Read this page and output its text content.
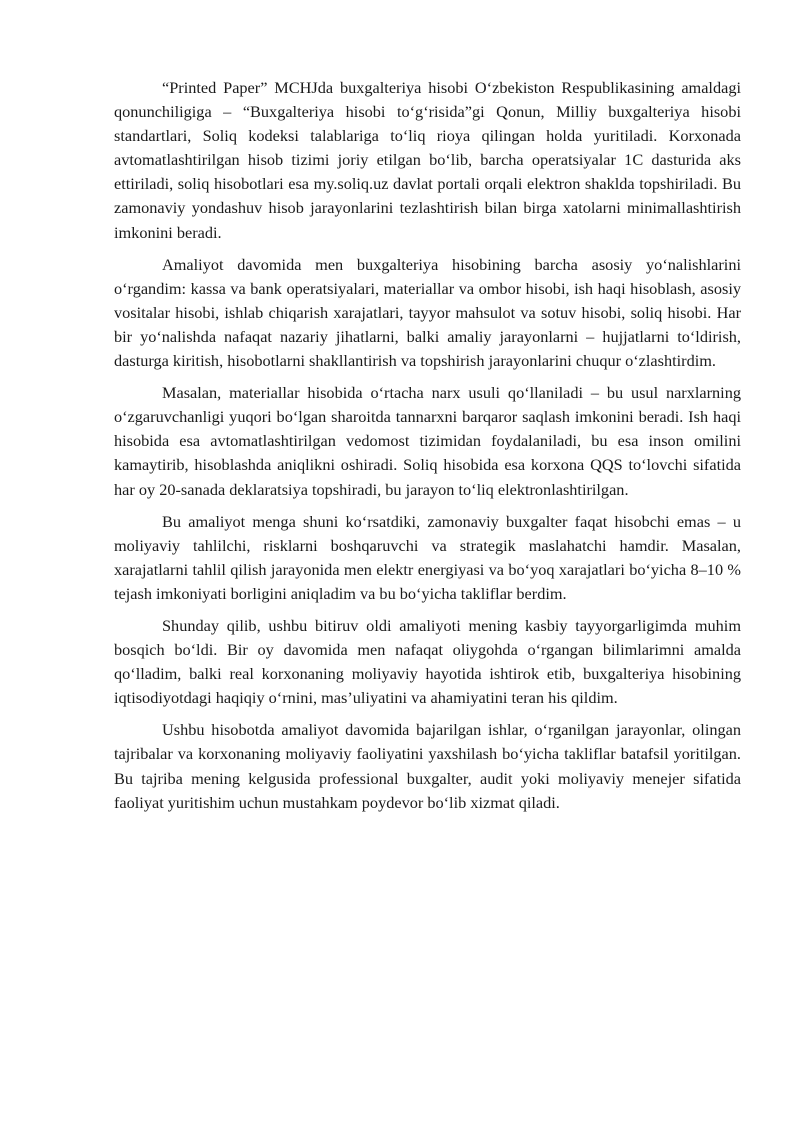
“Printed Paper” MCHJda buxgalteriya hisobi O‘zbekiston Respublikasining amaldagi qonunchiligiga – “Buxgalteriya hisobi to‘g‘risida”gi Qonun, Milliy buxgalteriya hisobi standartlari, Soliq kodeksi talablariga to‘liq rioya qilingan holda yuritiladi. Korxonada avtomatlashtirilgan hisob tizimi joriy etilgan bo‘lib, barcha operatsiyalar 1C dasturida aks ettiriladi, soliq hisobotlari esa my.soliq.uz davlat portali orqali elektron shaklda topshiriladi. Bu zamonaviy yondashuv hisob jarayonlarini tezlashtirish bilan birga xatolarni minimallashtirish imkonini beradi.

Amaliyot davomida men buxgalteriya hisobining barcha asosiy yo‘nalishlarini o‘rgandim: kassa va bank operatsiyalari, materiallar va ombor hisobi, ish haqi hisoblash, asosiy vositalar hisobi, ishlab chiqarish xarajatlari, tayyor mahsulot va sotuv hisobi, soliq hisobi. Har bir yo‘nalishda nafaqat nazariy jihatlarni, balki amaliy jarayonlarni – hujjatlarni to‘ldirish, dasturga kiritish, hisobotlarni shakllantirish va topshirish jarayonlarini chuqur o‘zlashtirdim.

Masalan, materiallar hisobida o‘rtacha narx usuli qo‘llaniladi – bu usul narxlarning o‘zgaruvchanligi yuqori bo‘lgan sharoitda tannarxni barqaror saqlash imkonini beradi. Ish haqi hisobida esa avtomatlashtirilgan vedomost tizimidan foydalaniladi, bu esa inson omilini kamaytirib, hisoblashda aniqlikni oshiradi. Soliq hisobida esa korxona QQS to‘lovchi sifatida har oy 20-sanada deklaratsiya topshiradi, bu jarayon to‘liq elektronlashtirilgan.

Bu amaliyot menga shuni ko‘rsatdiki, zamonaviy buxgalter faqat hisobchi emas – u moliyaviy tahlilchi, risklarni boshqaruvchi va strategik maslahatchi hamdir. Masalan, xarajatlarni tahlil qilish jarayonida men elektr energiyasi va bo‘yoq xarajatlari bo‘yicha 8–10 % tejash imkoniyati borligini aniqladim va bu bo‘yicha takliflar berdim.

Shunday qilib, ushbu bitiruv oldi amaliyoti mening kasbiy tayyorgarligimda muhim bosqich bo‘ldi. Bir oy davomida men nafaqat oliygohda o‘rgangan bilimlarimni amalda qo‘lladim, balki real korxonaning moliyaviy hayotida ishtirok etib, buxgalteriya hisobining iqtisodiyotdagi haqiqiy o‘rnini, mas’uliyatini va ahamiyatini teran his qildim.

Ushbu hisobotda amaliyot davomida bajarilgan ishlar, o‘rganilgan jarayonlar, olingan tajribalar va korxonaning moliyaviy faoliyatini yaxshilash bo‘yicha takliflar batafsil yoritilgan. Bu tajriba mening kelgusida professional buxgalter, audit yoki moliyaviy menejer sifatida faoliyat yuritishim uchun mustahkam poydevor bo‘lib xizmat qiladi.
